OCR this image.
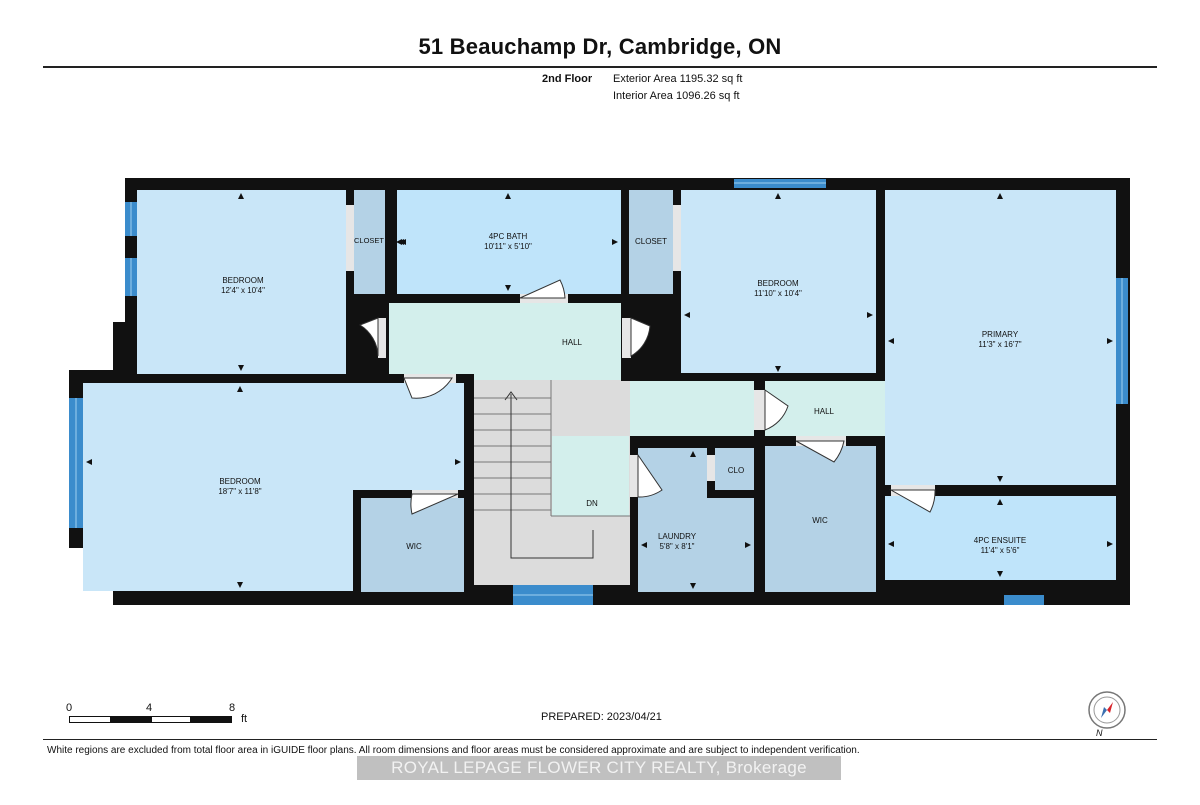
51 Beauchamp Dr, Cambridge, ON
2nd Floor Exterior Area 1195.32 sq ft
Interior Area 1096.26 sq ft
BEDROOM
12'4" x 10'4"
CLOSET	4PC BATH
10'11" x 5'10"
CLOSET
BEDROOM
11'10" x 10'4"
PRIMARY
11'3" x 16'7"
HALL
HALL
BEDROOM
18'7" x 11'8"
WIC
DN
LAUNDRY
5'8" x 8'1"
CLO
WIC
4PC ENSUITE
11'4" x 5'6"
0	4	8
ft	PREPARED: 2023/04/21
N
White regions are excluded from total floor area in iGUIDE floor plans. All room dimensions and floor areas must be considered approximate and are subject to independent verification.
ROYAL LEPAGE FLOWER CITY REALTY, Brokerage
